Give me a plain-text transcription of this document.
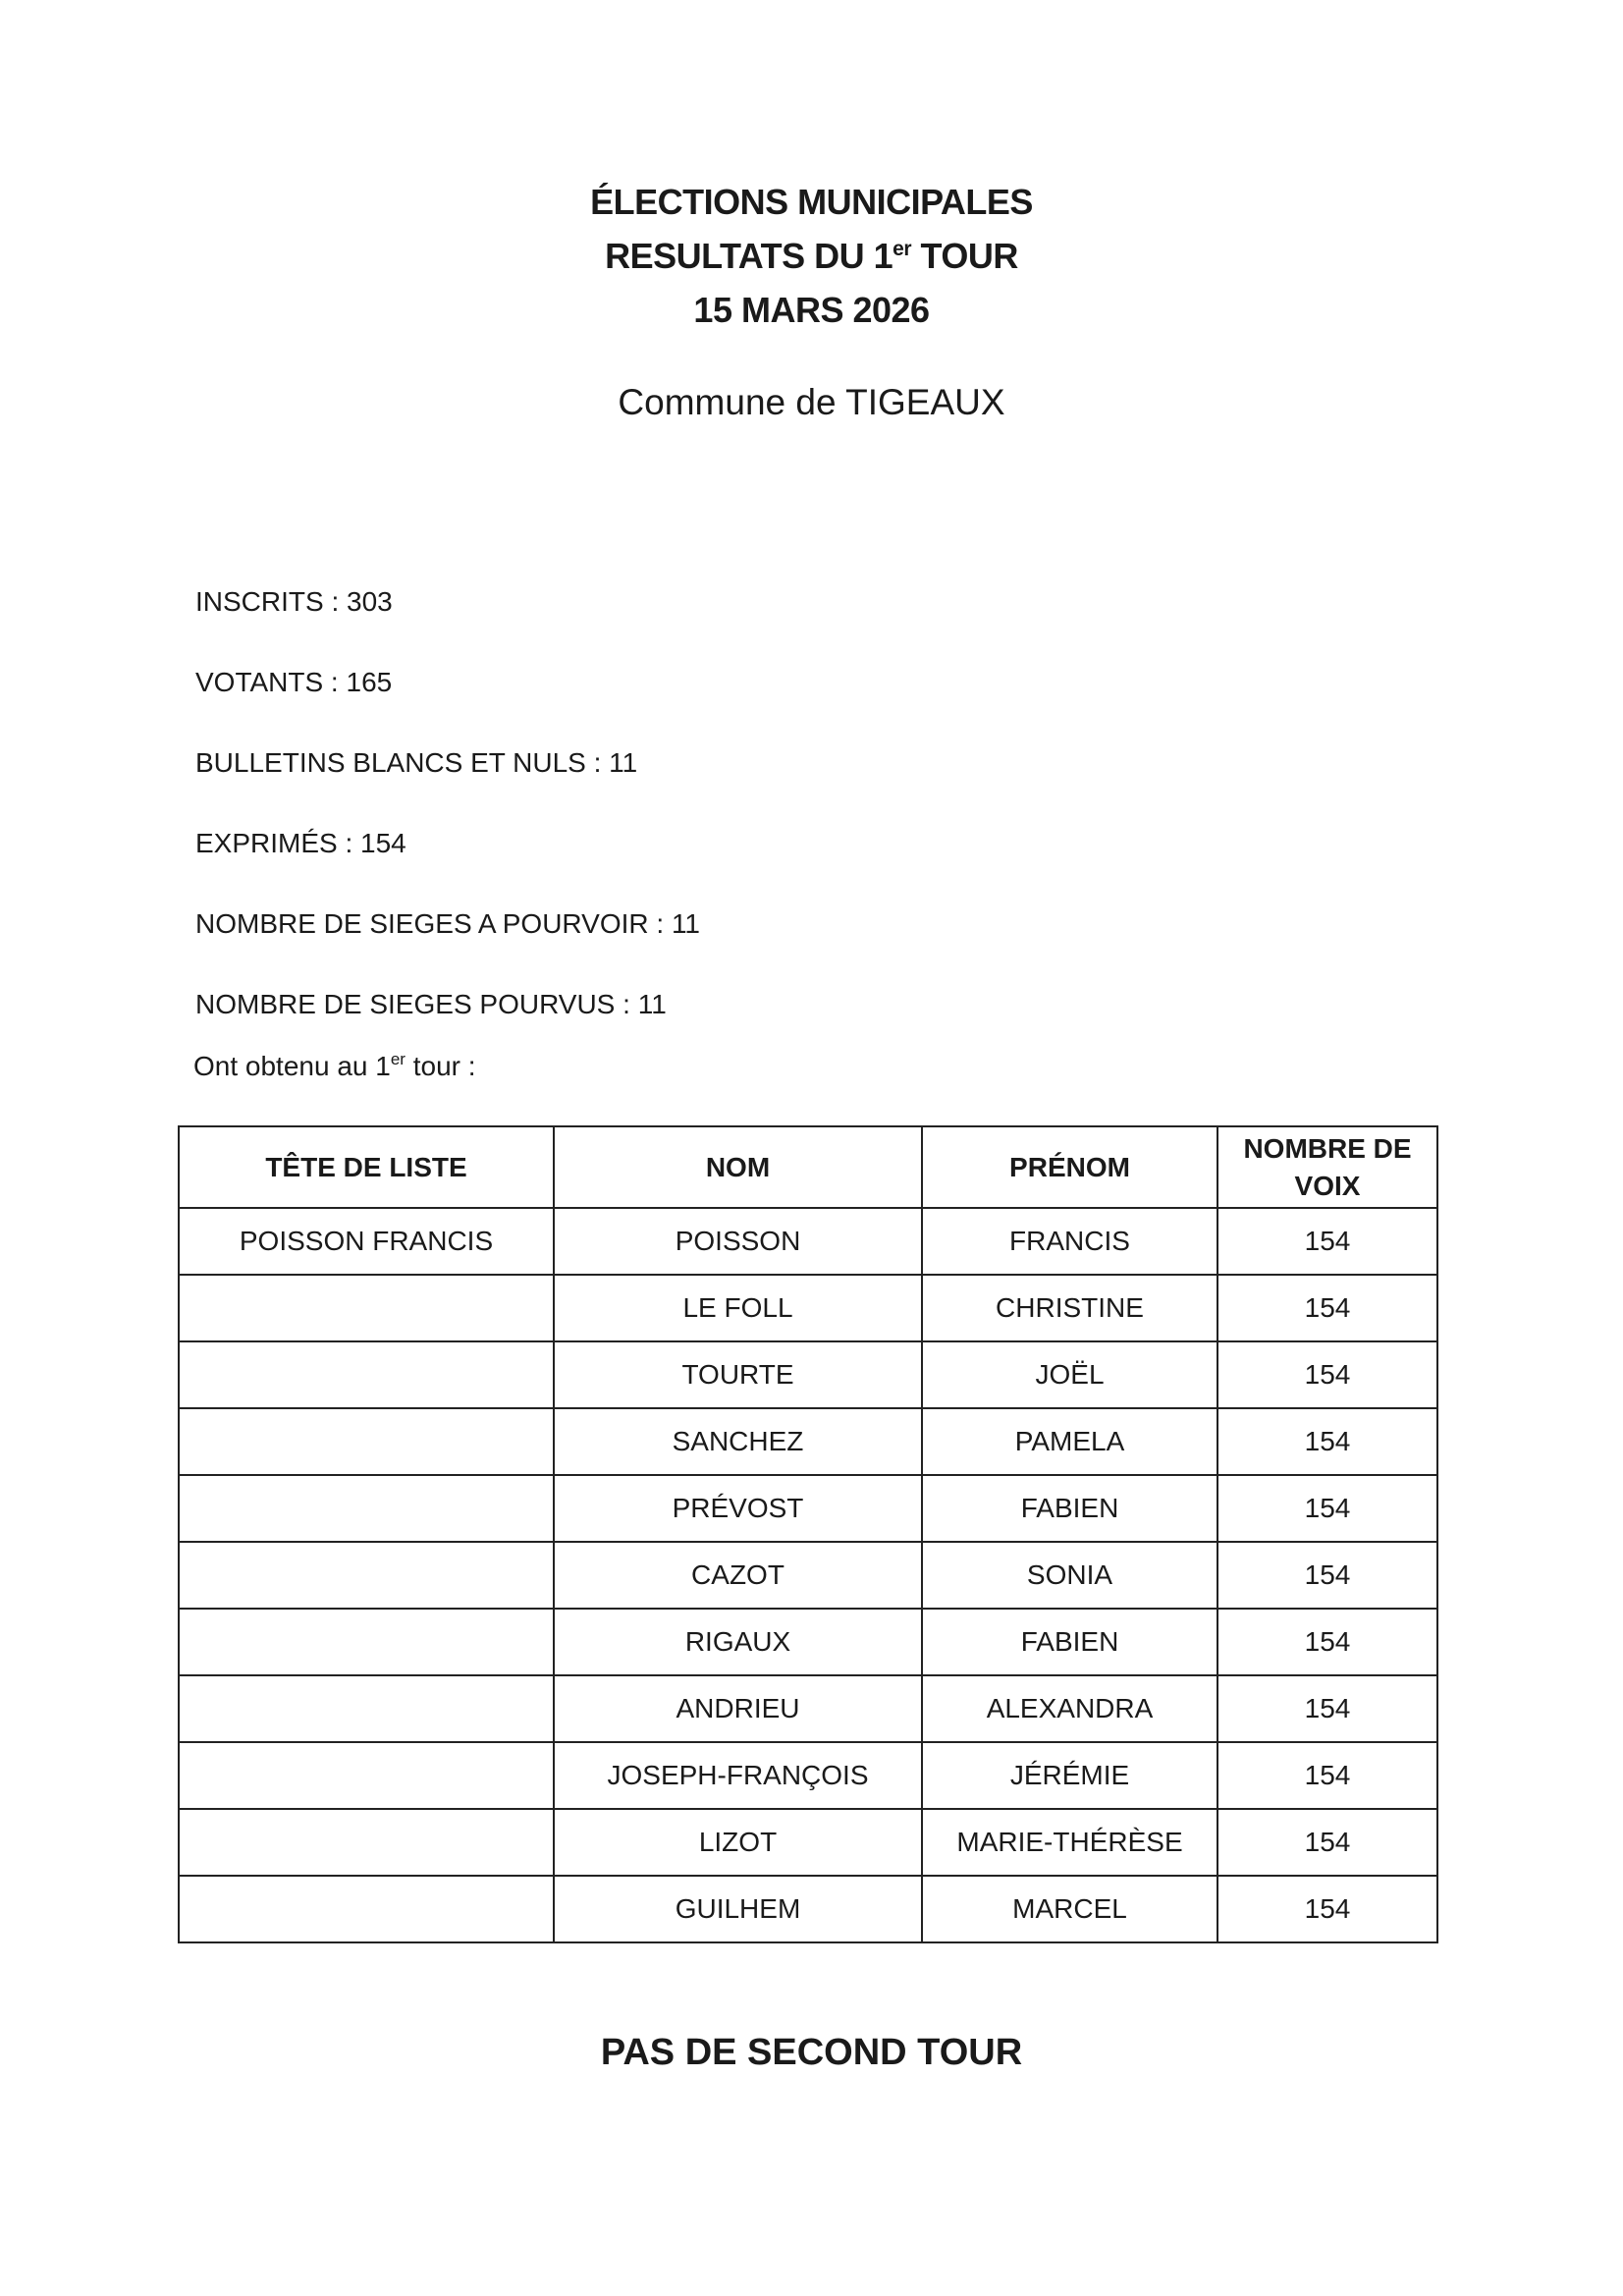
ÉLECTIONS MUNICIPALES
RESULTATS DU 1er TOUR
15 MARS 2026
Commune de TIGEAUX
INSCRITS : 303
VOTANTS : 165
BULLETINS BLANCS ET NULS : 11
EXPRIMÉS : 154
NOMBRE DE SIEGES A POURVOIR : 11
NOMBRE DE SIEGES POURVUS : 11
Ont obtenu au 1er tour :
TÊTE DE LISTE	NOM	PRÉNOM	NOMBRE DE
VOIX
POISSON FRANCIS	POISSON	FRANCIS	154
	LE FOLL	CHRISTINE	154
	TOURTE	JOËL	154
	SANCHEZ	PAMELA	154
	PRÉVOST	FABIEN	154
	CAZOT	SONIA	154
	RIGAUX	FABIEN	154
	ANDRIEU	ALEXANDRA	154
	JOSEPH-FRANÇOIS	JÉRÉMIE	154
	LIZOT	MARIE-THÉRÈSE	154
	GUILHEM	MARCEL	154
PAS DE SECOND TOUR
